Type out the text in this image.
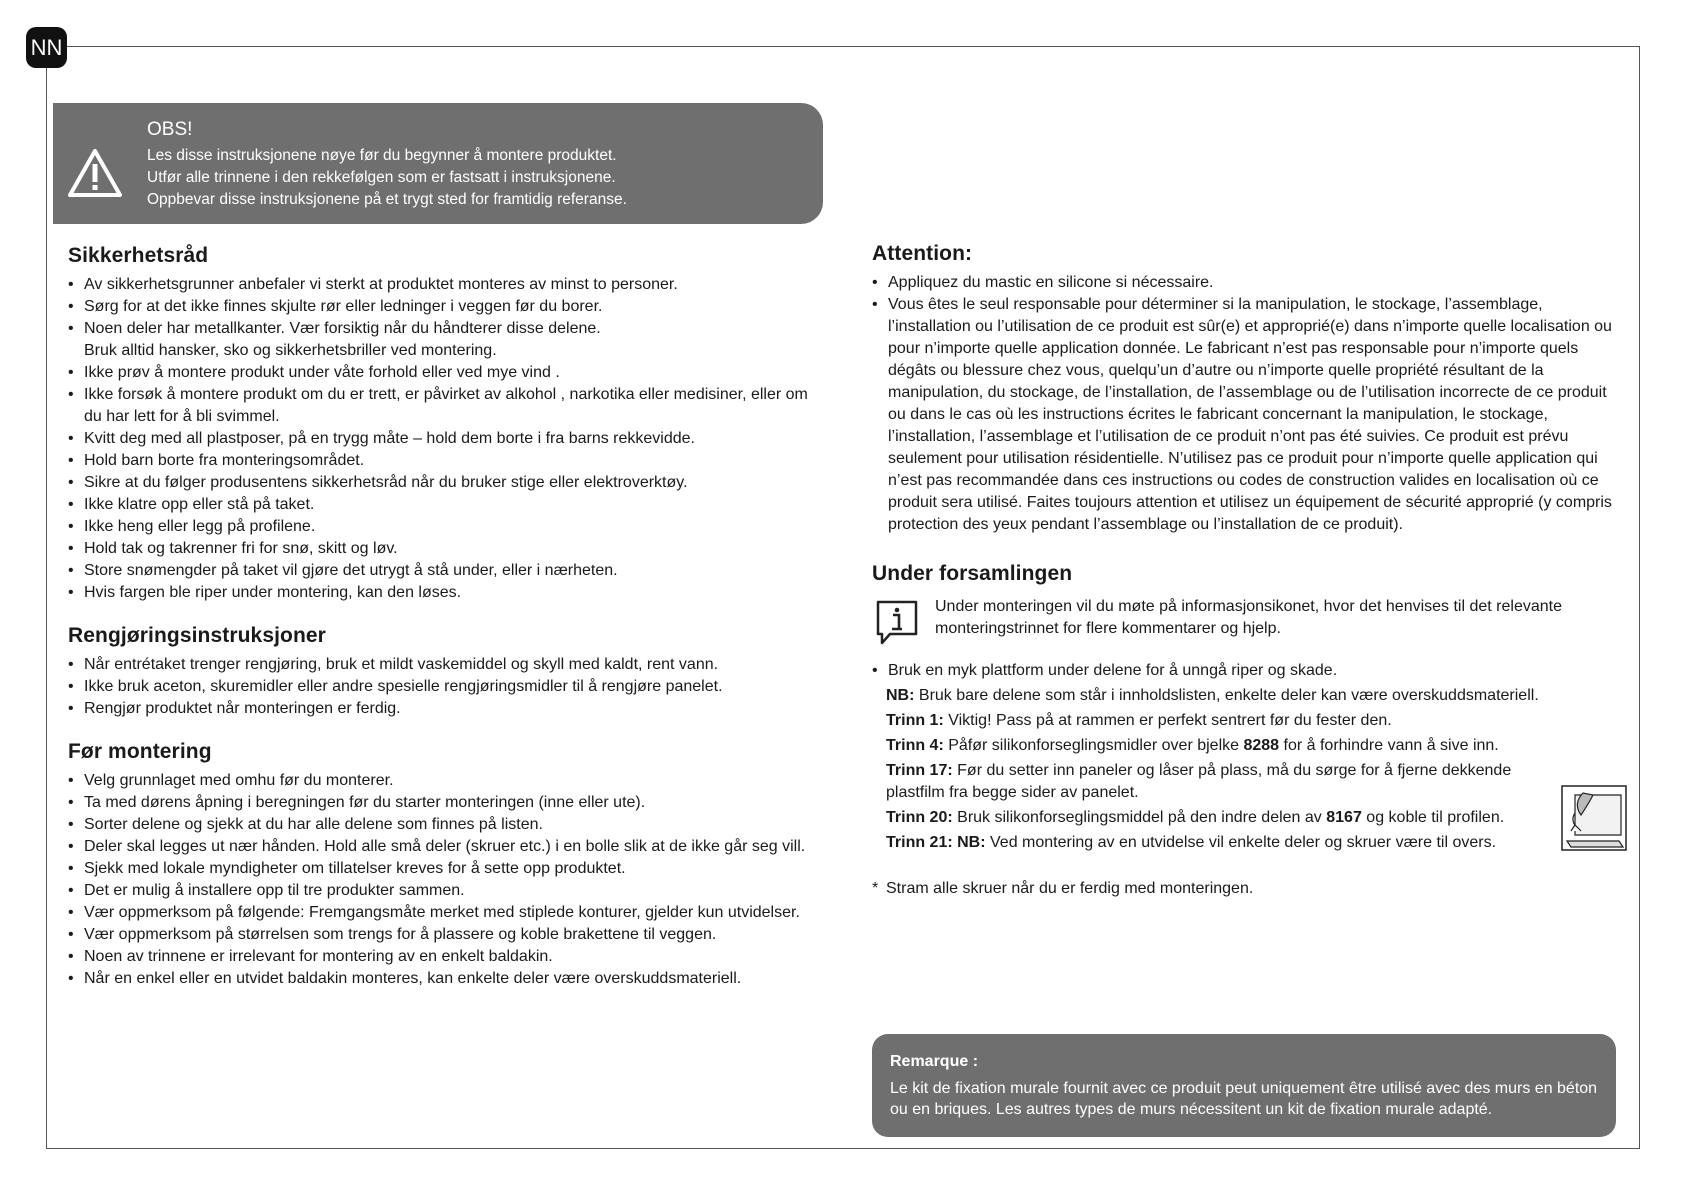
NN
OBS!
Les disse instruksjonene nøye før du begynner å montere produktet.
Utfør alle trinnene i den rekkefølgen som er fastsatt i instruksjonene.
Oppbevar disse instruksjonene på et trygt sted for framtidig referanse.
Sikkerhetsråd
• Av sikkerhetsgrunner anbefaler vi sterkt at produktet monteres av minst to personer.
• Sørg for at det ikke finnes skjulte rør eller ledninger i veggen før du borer.
• Noen deler har metallkanter. Vær forsiktig når du håndterer disse delene.
Bruk alltid hansker, sko og sikkerhetsbriller ved montering.
• Ikke prøv å montere produkt under våte forhold eller ved mye vind .
• Ikke forsøk å montere produkt om du er trett, er påvirket av alkohol , narkotika eller medisiner, eller om du har lett for å bli svimmel.
• Kvitt deg med all plastposer, på en trygg måte – hold dem borte i fra barns rekkevidde.
• Hold barn borte fra monteringsområdet.
• Sikre at du følger produsentens sikkerhetsråd når du bruker stige eller elektroverktøy.
• Ikke klatre opp eller stå på taket.
• Ikke heng eller legg på profilene.
• Hold tak og takrenner fri for snø, skitt og løv.
• Store snømengder på taket vil gjøre det utrygt å stå under, eller i nærheten.
• Hvis fargen ble riper under montering, kan den løses.
Rengjøringsinstruksjoner
• Når entrétaket trenger rengjøring, bruk et mildt vaskemiddel og skyll med kaldt, rent vann.
• Ikke bruk aceton, skuremidler eller andre spesielle rengjøringsmidler til å rengjøre panelet.
• Rengjør produktet når monteringen er ferdig.
Før montering
• Velg grunnlaget med omhu før du monterer.
• Ta med dørens åpning i beregningen før du starter monteringen (inne eller ute).
• Sorter delene og sjekk at du har alle delene som finnes på listen.
• Deler skal legges ut nær hånden. Hold alle små deler (skruer etc.) i en bolle slik at de ikke går seg vill.
• Sjekk med lokale myndigheter om tillatelser kreves for å sette opp produktet.
• Det er mulig å installere opp til tre produkter sammen.
• Vær oppmerksom på følgende: Fremgangsmåte merket med stiplede konturer, gjelder kun utvidelser.
• Vær oppmerksom på størrelsen som trengs for å plassere og koble brakettene til veggen.
• Noen av trinnene er irrelevant for montering av en enkelt baldakin.
• Når en enkel eller en utvidet baldakin monteres, kan enkelte deler være overskuddsmateriell.
Attention:
• Appliquez du mastic en silicone si nécessaire.
• Vous êtes le seul responsable pour déterminer si la manipulation, le stockage, l’assemblage, l’installation ou l’utilisation de ce produit est sûr(e) et approprié(e) dans n’importe quelle localisation ou pour n’importe quelle application donnée. Le fabricant n’est pas responsable pour n’importe quels dégâts ou blessure chez vous, quelqu’un d’autre ou n’importe quelle propriété résultant de la manipulation, du stockage, de l’installation, de l’assemblage ou de l’utilisation incorrecte de ce produit ou dans le cas où les instructions écrites le fabricant concernant la manipulation, le stockage, l’installation, l’assemblage et l’utilisation de ce produit n’ont pas été suivies. Ce produit est prévu seulement pour utilisation résidentielle. N’utilisez pas ce produit pour n’importe quelle application qui n’est pas recommandée dans ces instructions ou codes de construction valides en localisation où ce produit sera utilisé. Faites toujours attention et utilisez un équipement de sécurité approprié (y compris protection des yeux pendant l’assemblage ou l’installation de ce produit).
Under forsamlingen
Under monteringen vil du møte på informasjonsikonet, hvor det henvises til det relevante monteringstrinnet for flere kommentarer og hjelp.
• Bruk en myk plattform under delene for å unngå riper og skade.
NB: Bruk bare delene som står i innholdslisten, enkelte deler kan være overskuddsmateriell.
Trinn 1: Viktig! Pass på at rammen er perfekt sentrert før du fester den.
Trinn 4: Påfør silikonforseglingsmidler over bjelke 8288 for å forhindre vann å sive inn.
Trinn 17: Før du setter inn paneler og låser på plass, må du sørge for å fjerne dekkende plastfilm fra begge sider av panelet.
Trinn 20: Bruk silikonforseglingsmiddel på den indre delen av 8167 og koble til profilen.
Trinn 21: NB: Ved montering av en utvidelse vil enkelte deler og skruer være til overs.
* Stram alle skruer når du er ferdig med monteringen.
Remarque :
Le kit de fixation murale fournit avec ce produit peut uniquement être utilisé avec des murs en béton ou en briques. Les autres types de murs nécessitent un kit de fixation murale adapté.
